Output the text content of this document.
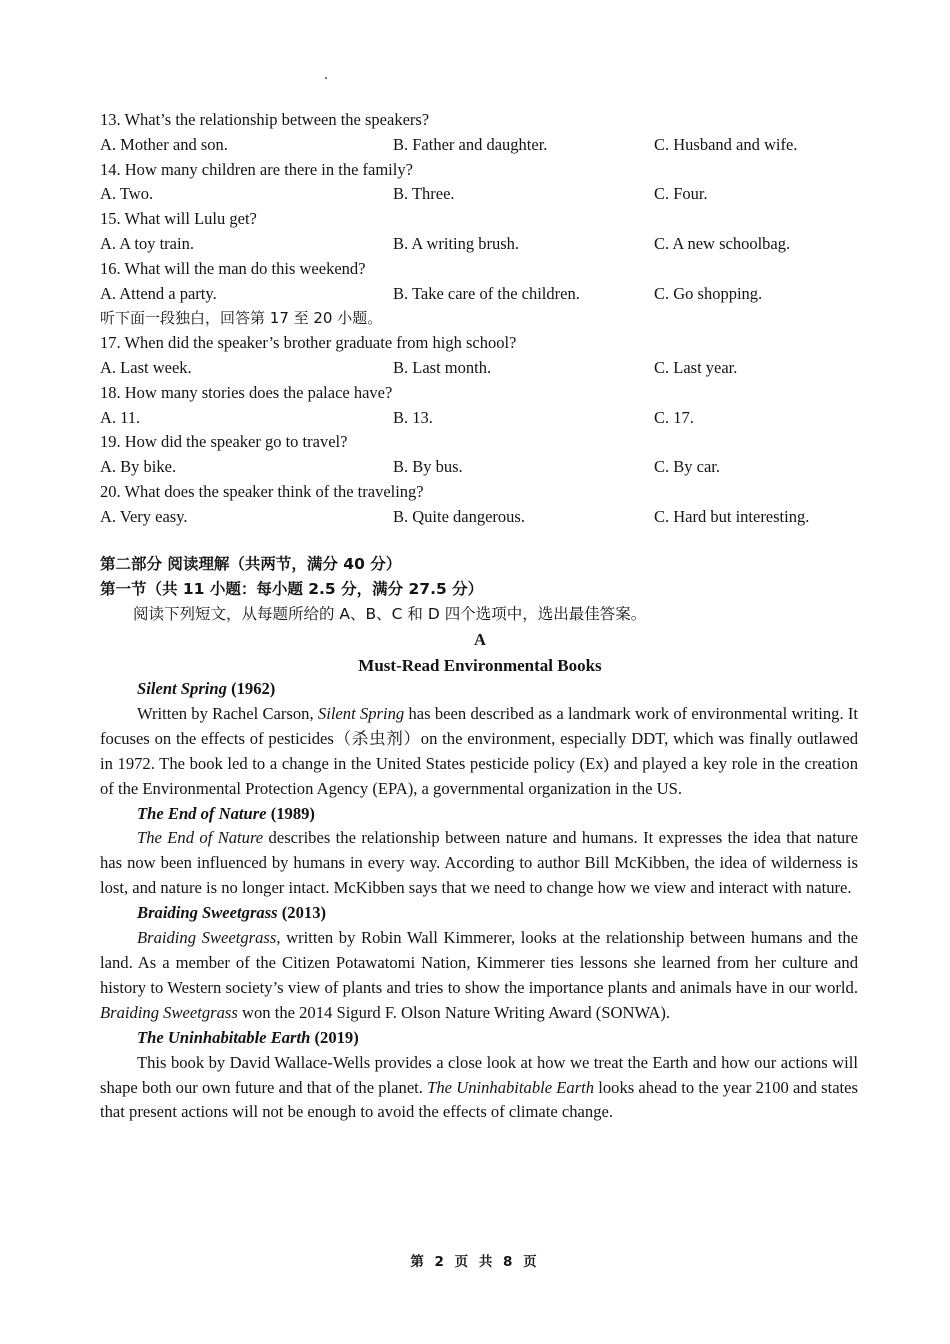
13. What’s the relationship between the speakers?
A. Mother and son.	B. Father and daughter.	C. Husband and wife.
14. How many children are there in the family?
A. Two.	B. Three.	C. Four.
15. What will Lulu get?
A. A toy train.	B. A writing brush.	C. A new schoolbag.
16. What will the man do this weekend?
A. Attend a party.	B. Take care of the children.	C. Go shopping.
听下面一段独白，回答第 17 至 20 小题。
17. When did the speaker’s brother graduate from high school?
A. Last week.	B. Last month.	C. Last year.
18. How many stories does the palace have?
A. 11.	B. 13.	C. 17.
19. How did the speaker go to travel?
A. By bike.	B. By bus.	C. By car.
20. What does the speaker think of the traveling?
A. Very easy.	B. Quite dangerous.	C. Hard but interesting.
第二部分 阅读理解（共两节，满分 40 分）
第一节（共 11 小题：每小题 2.5 分，满分 27.5 分）
阅读下列短文，从每题所给的 A、B、C 和 D 四个选项中，选出最佳答案。
A
Must-Read Environmental Books
Silent Spring (1962)

Written by Rachel Carson, Silent Spring has been described as a landmark work of environmental writing. It focuses on the effects of pesticides（杀虫剂）on the environment, especially DDT, which was finally outlawed in 1972. The book led to a change in the United States pesticide policy (Ex) and played a key role in the creation of the Environmental Protection Agency (EPA), a governmental organization in the US.

The End of Nature (1989)

The End of Nature describes the relationship between nature and humans. It expresses the idea that nature has now been influenced by humans in every way. According to author Bill McKibben, the idea of wilderness is lost, and nature is no longer intact. McKibben says that we need to change how we view and interact with nature.

Braiding Sweetgrass (2013)

Braiding Sweetgrass, written by Robin Wall Kimmerer, looks at the relationship between humans and the land. As a member of the Citizen Potawatomi Nation, Kimmerer ties lessons she learned from her culture and history to Western society’s view of plants and tries to show the importance plants and animals have in our world. Braiding Sweetgrass won the 2014 Sigurd F. Olson Nature Writing Award (SONWA).

The Uninhabitable Earth (2019)

This book by David Wallace-Wells provides a close look at how we treat the Earth and how our actions will shape both our own future and that of the planet. The Uninhabitable Earth looks ahead to the year 2100 and states that present actions will not be enough to avoid the effects of climate change.

第 2 页 共 8 页
